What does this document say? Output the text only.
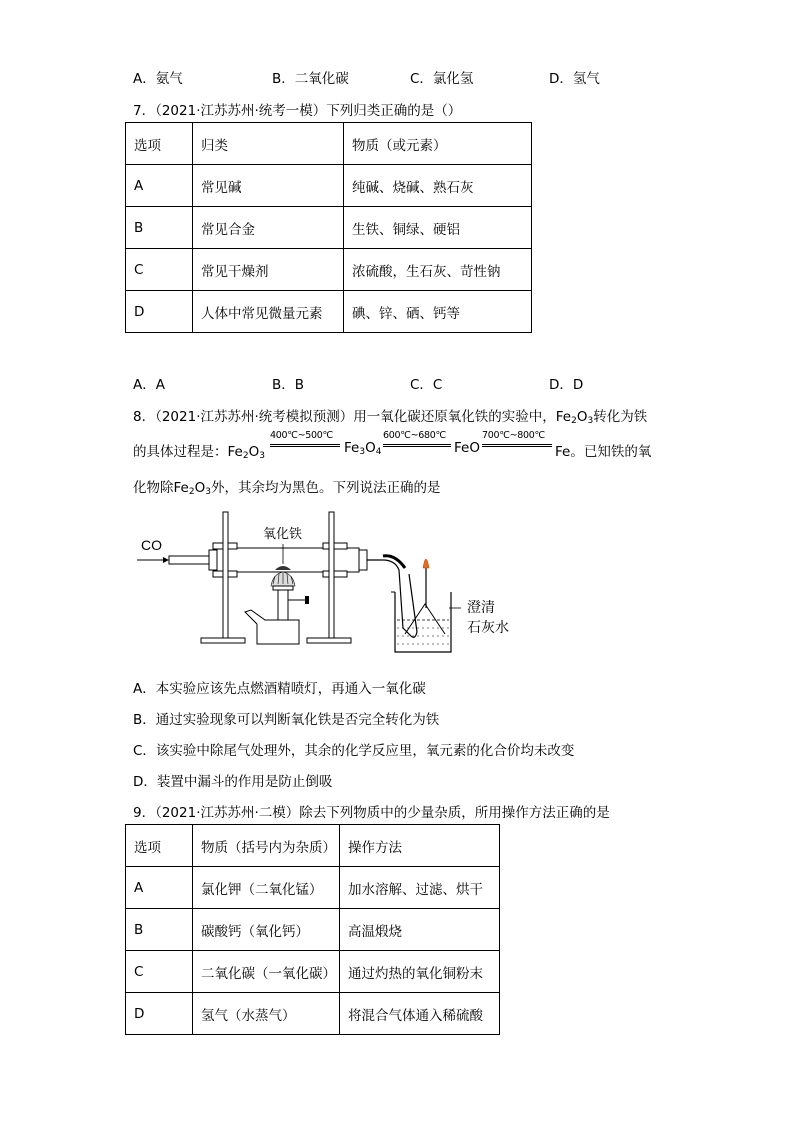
A．氨气	B．二氧化碳	C．氯化氢	D．氢气
7．（2021·江苏苏州·统考一模）下列归类正确的是（）
选项	归类	物质（或元素）
A	常见碱	纯碱、烧碱、熟石灰
B	常见合金	生铁、铜绿、硬铝
C	常见干燥剂	浓硫酸，生石灰、苛性钠
D	人体中常见微量元素	碘、锌、硒、钙等
A．A	B．B	C．C	D．D
8．（2021·江苏苏州·统考模拟预测）用一氧化碳还原氧化铁的实验中，$Fe_2O_3$转化为铁
的具体过程是：$Fe_2O_3$
400℃~500℃
$Fe_3O_4$
600℃~680℃
FeO
700℃~800℃
Fe。已知铁的氧
化物除$Fe_2O_3$外，其余均为黑色。下列说法正确的是
CO
氧化铁
澄清
石灰水
A．本实验应该先点燃酒精喷灯，再通入一氧化碳
B．通过实验现象可以判断氧化铁是否完全转化为铁
C．该实验中除尾气处理外，其余的化学反应里，氧元素的化合价均未改变
D．装置中漏斗的作用是防止倒吸
9．（2021·江苏苏州·二模）除去下列物质中的少量杂质，所用操作方法正确的是
选项	物质（括号内为杂质）	操作方法
A	氯化钾（二氧化锰）	加水溶解、过滤、烘干
B	碳酸钙（氧化钙）	高温煅烧
C	二氧化碳（一氧化碳）	通过灼热的氧化铜粉末
D	氢气（水蒸气）	将混合气体通入稀硫酸
